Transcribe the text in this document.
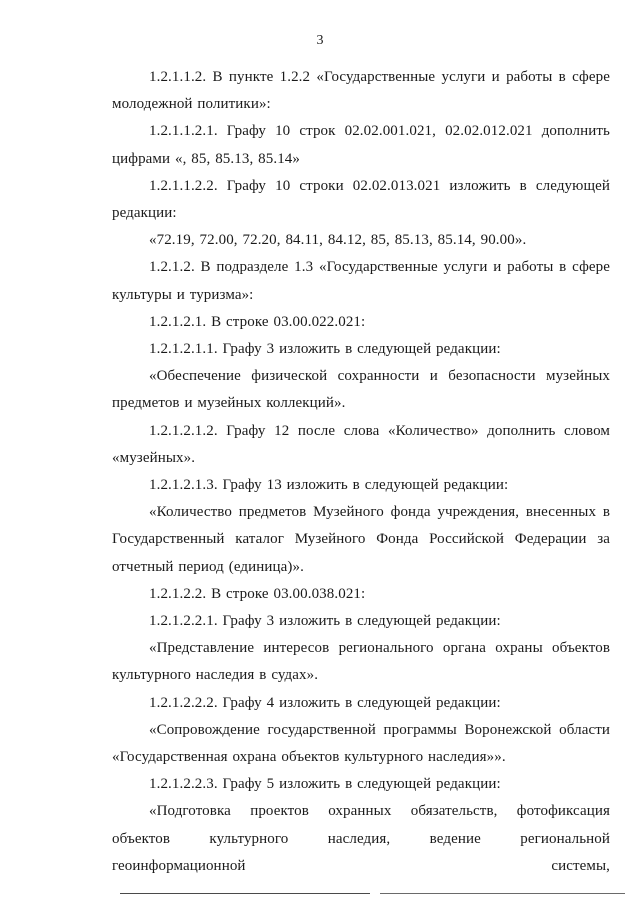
3

1.2.1.1.2. В пункте 1.2.2 «Государственные услуги и работы в сфере молодежной политики»:

1.2.1.1.2.1. Графу 10 строк 02.02.001.021, 02.02.012.021 дополнить цифрами «, 85, 85.13, 85.14»

1.2.1.1.2.2. Графу 10 строки 02.02.013.021 изложить в следующей редакции:

«72.19, 72.00, 72.20, 84.11, 84.12, 85, 85.13, 85.14, 90.00».

1.2.1.2. В подразделе 1.3 «Государственные услуги и работы в сфере культуры и туризма»:

1.2.1.2.1. В строке 03.00.022.021:

1.2.1.2.1.1. Графу 3 изложить в следующей редакции:

«Обеспечение физической сохранности и безопасности музейных предметов и музейных коллекций».

1.2.1.2.1.2. Графу 12 после слова «Количество» дополнить словом «музейных».

1.2.1.2.1.3. Графу 13 изложить в следующей редакции:

«Количество предметов Музейного фонда учреждения, внесенных в Государственный каталог Музейного Фонда Российской Федерации за отчетный период (единица)».

1.2.1.2.2. В строке 03.00.038.021:

1.2.1.2.2.1. Графу 3 изложить в следующей редакции:

«Представление интересов регионального органа охраны объектов культурного наследия в судах».

1.2.1.2.2.2. Графу 4 изложить в следующей редакции:

«Сопровождение государственной программы Воронежской области «Государственная охрана объектов культурного наследия»».

1.2.1.2.2.3. Графу 5 изложить в следующей редакции:

«Подготовка проектов охранных обязательств, фотофиксация объектов культурного наследия, ведение региональной геоинформационной системы,
